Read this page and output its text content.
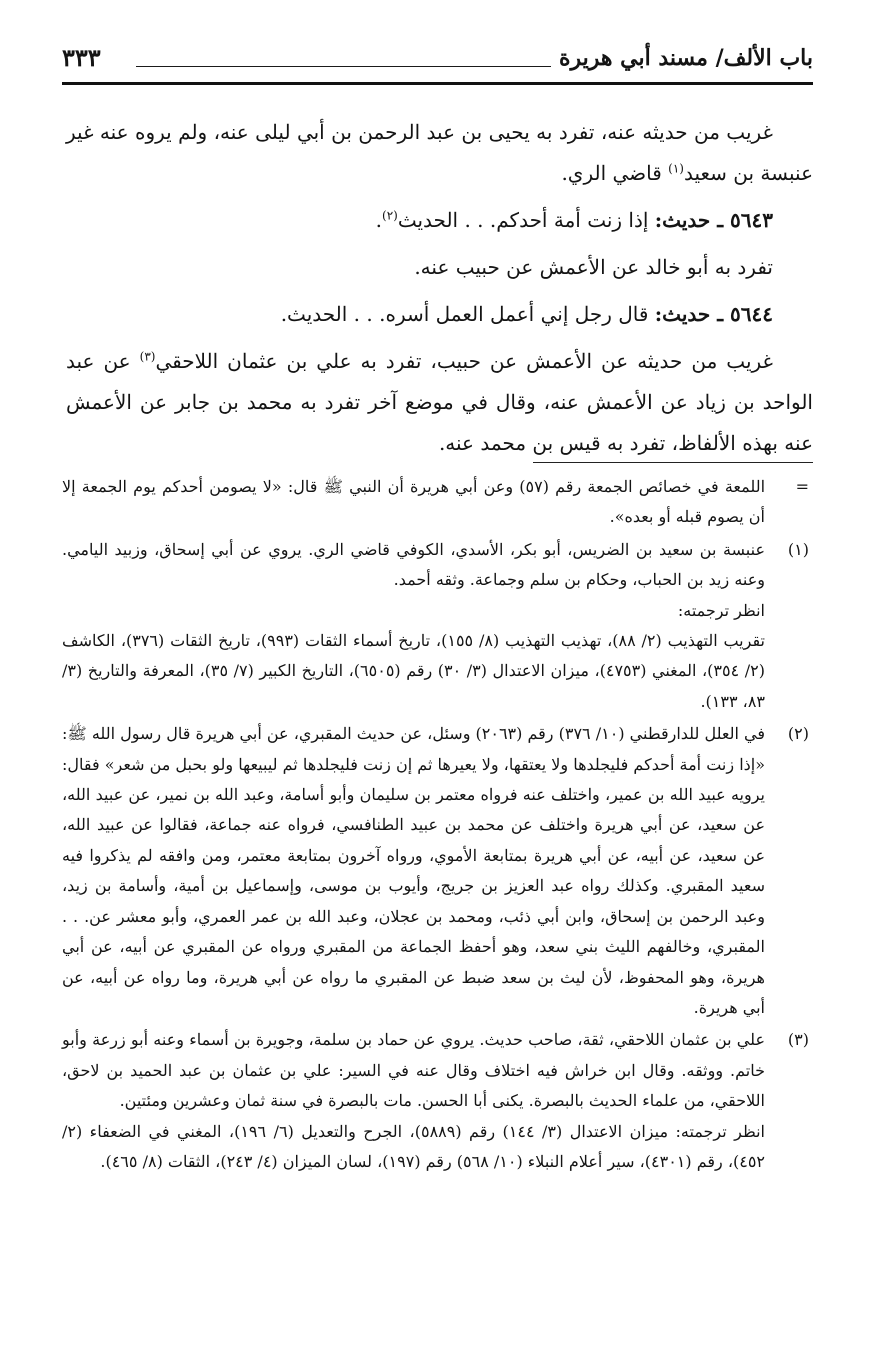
باب الألف/ مسند أبي هريرة
٣٣٣

غريب من حديثه عنه، تفرد به يحيى بن عبد الرحمن بن أبي ليلى عنه، ولم يروه عنه غير عنبسة بن سعيد$^{(١)}$ قاضي الري.

٥٦٤٣ ـ حديث: إذا زنت أمة أحدكم. . . الحديث$^{(٢)}$.

تفرد به أبو خالد عن الأعمش عن حبيب عنه.

٥٦٤٤ ـ حديث: قال رجل إني أعمل العمل أسره. . . الحديث.

غريب من حديثه عن الأعمش عن حبيب، تفرد به علي بن عثمان اللاحقي$^{(٣)}$ عن عبد الواحد بن زياد عن الأعمش عنه، وقال في موضع آخر تفرد به محمد بن جابر عن الأعمش عنه بهذه الألفاظ، تفرد به قيس بن محمد عنه.

=

اللمعة في خصائص الجمعة رقم (٥٧) وعن أبي هريرة أن النبي ﷺ قال: «لا يصومن أحدكم يوم الجمعة إلا أن يصوم قبله أو بعده».

(١)

عنبسة بن سعيد بن الضريس، أبو بكر، الأسدي، الكوفي قاضي الري. يروي عن أبي إسحاق، وزبيد اليامي. وعنه زيد بن الحباب، وحكام بن سلم وجماعة. وثقه أحمد.

انظر ترجمته:

تقريب التهذيب (٢/ ٨٨)، تهذيب التهذيب (٨/ ١٥٥)، تاريخ أسماء الثقات (٩٩٣)، تاريخ الثقات (٣٧٦)، الكاشف (٢/ ٣٥٤)، المغني (٤٧٥٣)، ميزان الاعتدال (٣/ ٣٠) رقم (٦٥٠٥)، التاريخ الكبير (٧/ ٣٥)، المعرفة والتاريخ (٣/ ٨٣، ١٣٣).

(٢)

في العلل للدارقطني (١٠/ ٣٧٦) رقم (٢٠٦٣) وسئل، عن حديث المقبري، عن أبي هريرة قال رسول الله ﷺ: «إذا زنت أمة أحدكم فليجلدها ولا يعتقها، ولا يعيرها ثم إن زنت فليجلدها ثم ليبيعها ولو بحبل من شعر» فقال: يرويه عبيد الله بن عمير، واختلف عنه فرواه معتمر بن سليمان وأبو أسامة، وعبد الله بن نمير، عن عبيد الله، عن سعيد، عن أبي هريرة واختلف عن محمد بن عبيد الطنافسي، فرواه عنه جماعة، فقالوا عن عبيد الله، عن سعيد، عن أبيه، عن أبي هريرة بمتابعة الأموي، ورواه آخرون بمتابعة معتمر، ومن وافقه لم يذكروا فيه سعيد المقبري. وكذلك رواه عبد العزيز بن جريج، وأيوب بن موسى، وإسماعيل بن أمية، وأسامة بن زيد، وعبد الرحمن بن إسحاق، وابن أبي ذئب، ومحمد بن عجلان، وعبد الله بن عمر العمري، وأبو معشر عن. . . المقبري، وخالفهم الليث بني سعد، وهو أحفظ الجماعة من المقبري ورواه عن المقبري عن أبيه، عن أبي هريرة، وهو المحفوظ، لأن ليث بن سعد ضبط عن المقبري ما رواه عن أبي هريرة، وما رواه عن أبيه، عن أبي هريرة.

(٣)

علي بن عثمان اللاحقي، ثقة، صاحب حديث. يروي عن حماد بن سلمة، وجويرة بن أسماء وعنه أبو زرعة وأبو خاتم. ووثقه. وقال ابن خراش فيه اختلاف وقال عنه في السير: علي بن عثمان بن عبد الحميد بن لاحق، اللاحقي، من علماء الحديث بالبصرة. يكنى أبا الحسن. مات بالبصرة في سنة ثمان وعشرين ومئتين.

انظر ترجمته: ميزان الاعتدال (٣/ ١٤٤) رقم (٥٨٨٩)، الجرح والتعديل (٦/ ١٩٦)، المغني في الضعفاء (٢/ ٤٥٢)، رقم (٤٣٠١)، سير أعلام النبلاء (١٠/ ٥٦٨) رقم (١٩٧)، لسان الميزان (٤/ ٢٤٣)، الثقات (٨/ ٤٦٥).
